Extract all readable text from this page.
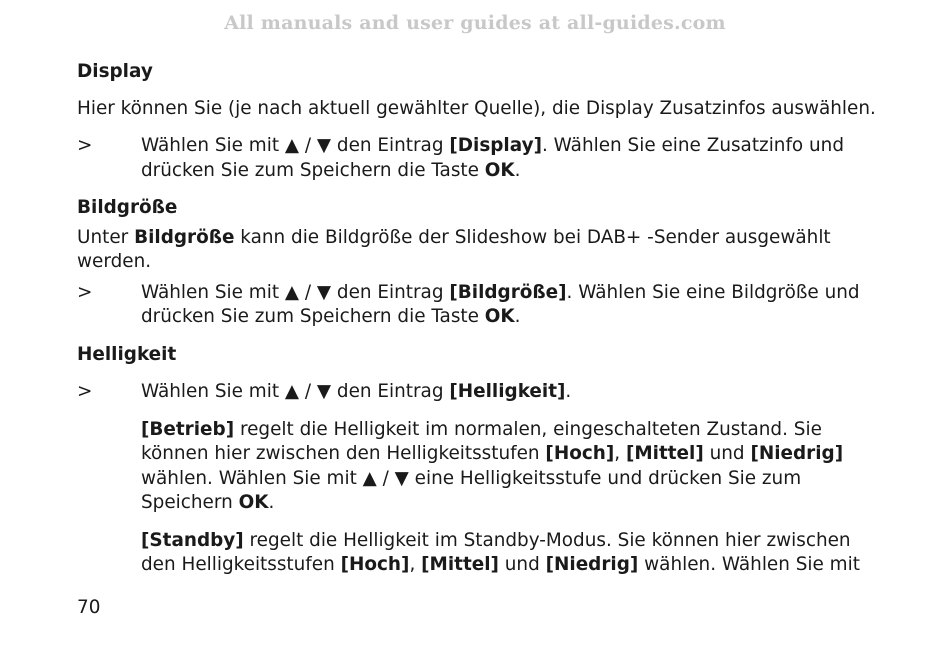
All manuals and user guides at all-guides.com
Display

Hier können Sie (je nach aktuell gewählter Quelle), die Display Zusatzinfos auswählen.

>	Wählen Sie mit ▲ / ▼ den Eintrag [Display]. Wählen Sie eine Zusatzinfo und drücken Sie zum Speichern die Taste OK.
Bildgröße

Unter Bildgröße kann die Bildgröße der Slideshow bei DAB+ -Sender ausgewählt werden.

>	Wählen Sie mit ▲ / ▼ den Eintrag [Bildgröße]. Wählen Sie eine Bildgröße und drücken Sie zum Speichern die Taste OK.
Helligkeit
>	Wählen Sie mit ▲ / ▼ den Eintrag [Helligkeit].

[Betrieb] regelt die Helligkeit im normalen, eingeschalteten Zustand. Sie können hier zwischen den Helligkeitsstufen [Hoch], [Mittel] und [Niedrig] wählen. Wählen Sie mit ▲ / ▼ eine Helligkeitsstufe und drücken Sie zum Speichern OK.

[Standby] regelt die Helligkeit im Standby-Modus. Sie können hier zwischen den Helligkeitsstufen [Hoch], [Mittel] und [Niedrig] wählen. Wählen Sie mit

70
